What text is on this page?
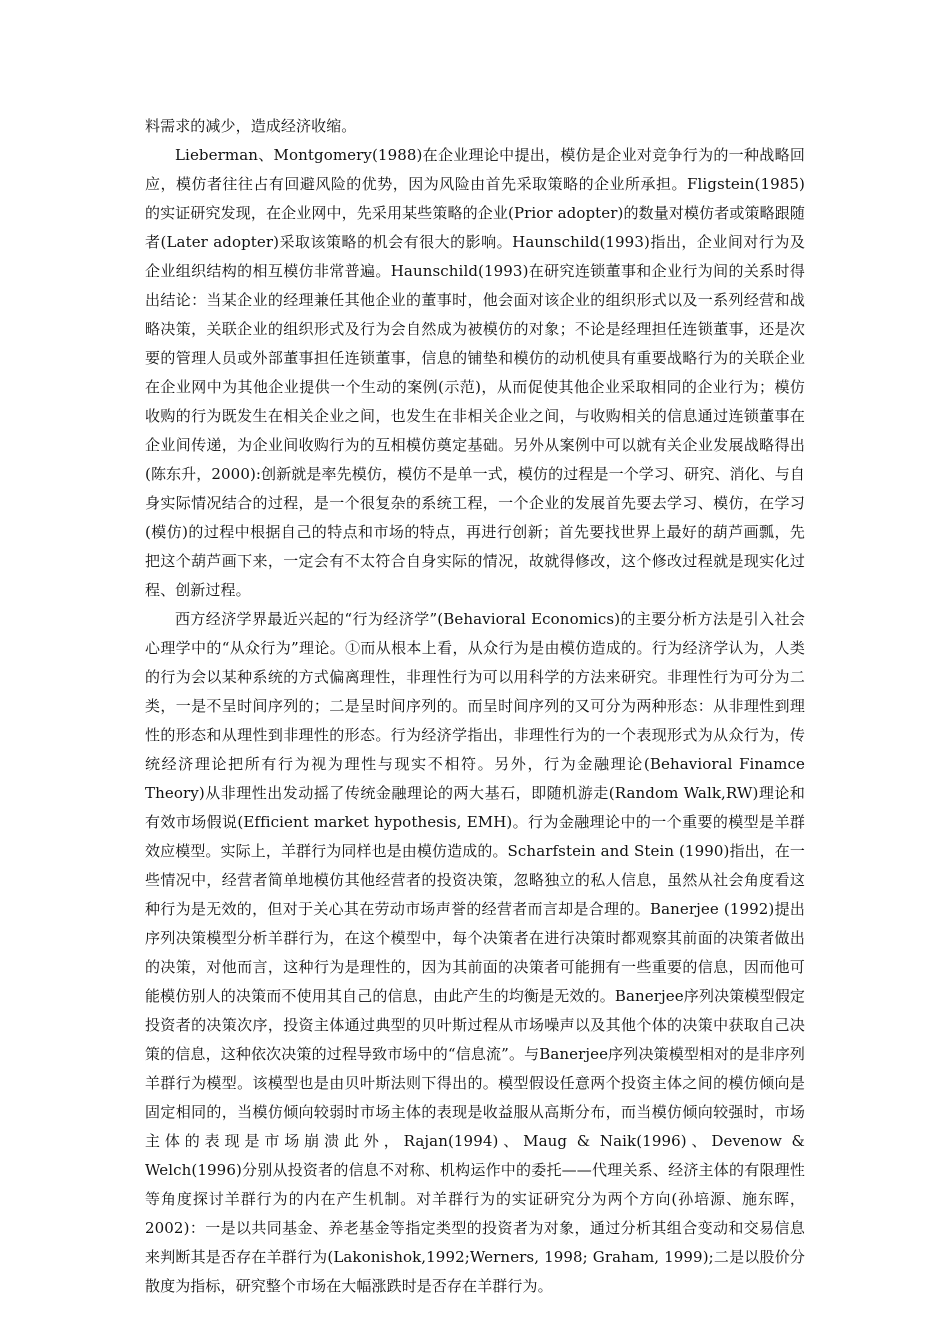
料需求的减少，造成经济收缩。

Lieberman、Montgomery(1988)在企业理论中提出，模仿是企业对竞争行为的一种战略回应，模仿者往往占有回避风险的优势，因为风险由首先采取策略的企业所承担。Fligstein(1985)的实证研究发现，在企业网中，先采用某些策略的企业(Prior adopter)的数量对模仿者或策略跟随者(Later adopter)采取该策略的机会有很大的影响。Haunschild(1993)指出，企业间对行为及企业组织结构的相互模仿非常普遍。Haunschild(1993)在研究连锁董事和企业行为间的关系时得出结论：当某企业的经理兼任其他企业的董事时，他会面对该企业的组织形式以及一系列经营和战略决策，关联企业的组织形式及行为会自然成为被模仿的对象；不论是经理担任连锁董事，还是次要的管理人员或外部董事担任连锁董事，信息的铺垫和模仿的动机使具有重要战略行为的关联企业在企业网中为其他企业提供一个生动的案例(示范)，从而促使其他企业采取相同的企业行为；模仿收购的行为既发生在相关企业之间，也发生在非相关企业之间，与收购相关的信息通过连锁董事在企业间传递，为企业间收购行为的互相模仿奠定基础。另外从案例中可以就有关企业发展战略得出(陈东升，2000):创新就是率先模仿，模仿不是单一式，模仿的过程是一个学习、研究、消化、与自身实际情况结合的过程，是一个很复杂的系统工程，一个企业的发展首先要去学习、模仿，在学习(模仿)的过程中根据自己的特点和市场的特点，再进行创新；首先要找世界上最好的葫芦画瓢，先把这个葫芦画下来，一定会有不太符合自身实际的情况，故就得修改，这个修改过程就是现实化过程、创新过程。

西方经济学界最近兴起的“行为经济学”(Behavioral Economics)的主要分析方法是引入社会心理学中的“从众行为”理论。①而从根本上看，从众行为是由模仿造成的。行为经济学认为，人类的行为会以某种系统的方式偏离理性，非理性行为可以用科学的方法来研究。非理性行为可分为二类，一是不呈时间序列的；二是呈时间序列的。而呈时间序列的又可分为两种形态：从非理性到理性的形态和从理性到非理性的形态。行为经济学指出，非理性行为的一个表现形式为从众行为，传统经济理论把所有行为视为理性与现实不相符。另外，行为金融理论(Behavioral Finamce Theory)从非理性出发动摇了传统金融理论的两大基石，即随机游走(Random Walk,RW)理论和有效市场假说(Efficient market hypothesis, EMH)。行为金融理论中的一个重要的模型是羊群效应模型。实际上，羊群行为同样也是由模仿造成的。Scharfstein and Stein (1990)指出，在一些情况中，经营者简单地模仿其他经营者的投资决策，忽略独立的私人信息，虽然从社会角度看这种行为是无效的，但对于关心其在劳动市场声誉的经营者而言却是合理的。Banerjee (1992)提出序列决策模型分析羊群行为，在这个模型中，每个决策者在进行决策时都观察其前面的决策者做出的决策，对他而言，这种行为是理性的，因为其前面的决策者可能拥有一些重要的信息，因而他可能模仿别人的决策而不使用其自己的信息，由此产生的均衡是无效的。Banerjee序列决策模型假定投资者的决策次序，投资主体通过典型的贝叶斯过程从市场噪声以及其他个体的决策中获取自己决策的信息，这种依次决策的过程导致市场中的“信息流”。与Banerjee序列决策模型相对的是非序列羊群行为模型。该模型也是由贝叶斯法则下得出的。模型假设任意两个投资主体之间的模仿倾向是固定相同的，当模仿倾向较弱时市场主体的表现是收益服从高斯分布，而当模仿倾向较强时，市场主体的表现是市场崩溃此外，Rajan(1994)、Maug & Naik(1996)、Devenow & Welch(1996)分别从投资者的信息不对称、机构运作中的委托——代理关系、经济主体的有限理性等角度探讨羊群行为的内在产生机制。对羊群行为的实证研究分为两个方向(孙培源、施东晖，2002)：一是以共同基金、养老基金等指定类型的投资者为对象，通过分析其组合变动和交易信息来判断其是否存在羊群行为(Lakonishok,1992;Werners, 1998; Graham, 1999);二是以股价分散度为指标，研究整个市场在大幅涨跌时是否存在羊群行为。
